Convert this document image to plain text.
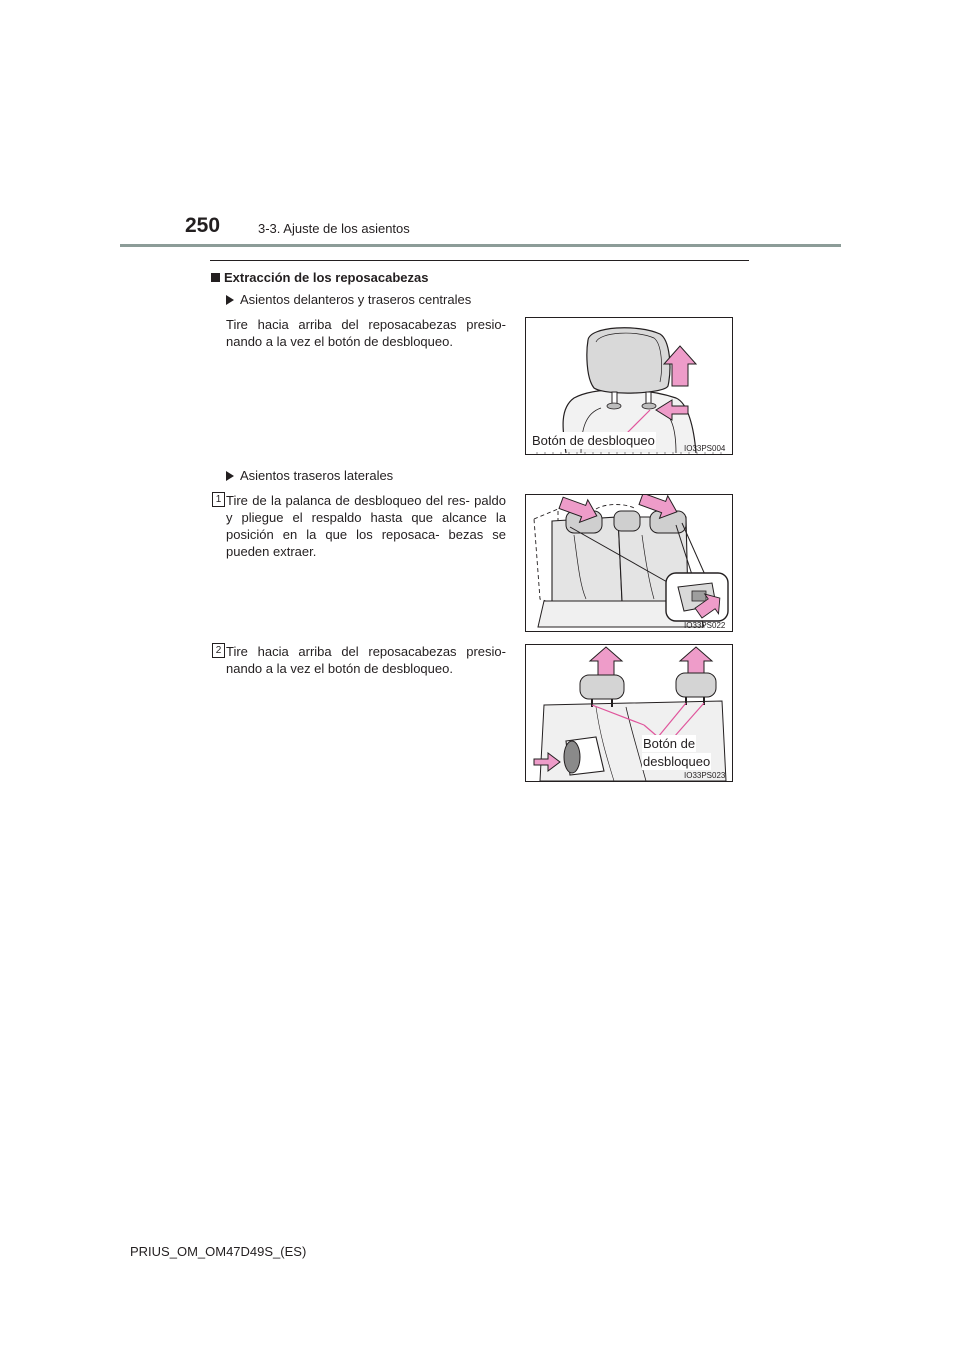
250	3-3. Ajuste de los asientos
Extracción de los reposacabezas
Asientos delanteros y traseros centrales
Tire hacia arriba del reposacabezas presio- nando a la vez el botón de desbloqueo.
Botón de desbloqueo
IO33PS004
Asientos traseros laterales
1 Tire de la palanca de desbloqueo del res- paldo y pliegue el respaldo hasta que alcance la posición en la que los reposaca- bezas se pueden extraer.
IO33PS022
2 Tire hacia arriba del reposacabezas presio- nando a la vez el botón de desbloqueo.
Botón de
desbloqueo
IO33PS023
PRIUS_OM_OM47D49S_(ES)
